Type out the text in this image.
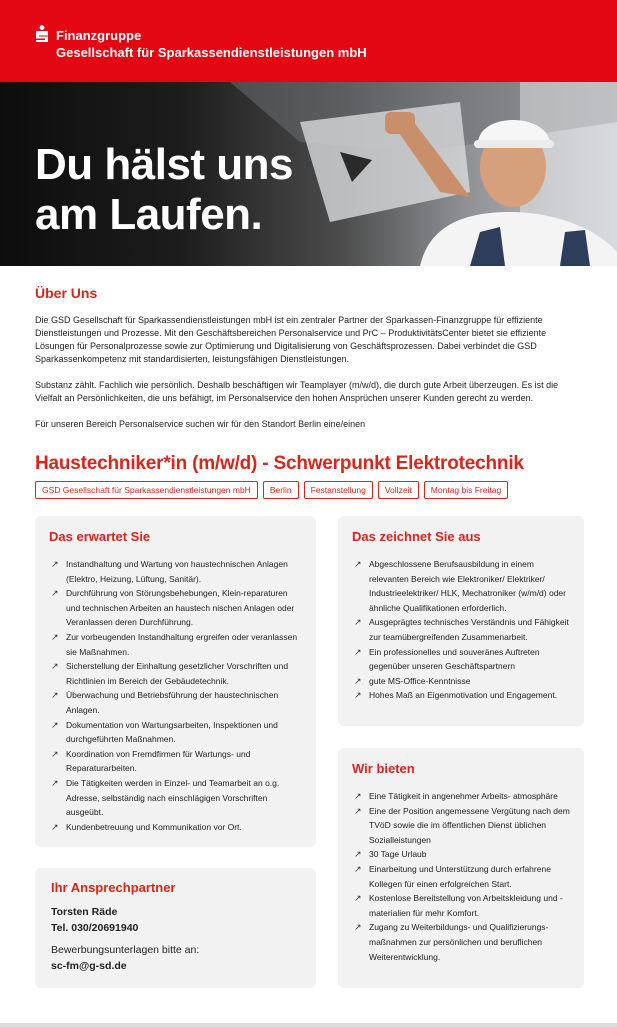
Finanzgruppe
Gesellschaft für Sparkassendienstleistungen mbH
Du hälst uns
am Laufen.
Über Uns

Die GSD Gesellschaft für Sparkassendienstleistungen mbH ist ein zentraler Partner der Sparkassen-Finanzgruppe für effiziente Dienstleistungen und Prozesse. Mit den Geschäftsbereichen Personalservice und PrC – ProduktivitätsCenter bietet sie effiziente Lösungen für Personalprozesse sowie zur Optimierung und Digitalisierung von Geschäftsprozessen. Dabei verbindet die GSD Sparkassenkompetenz mit standardisierten, leistungsfähigen Dienstleistungen.

Substanz zählt. Fachlich wie persönlich. Deshalb beschäftigen wir Teamplayer (m/w/d), die durch gute Arbeit überzeugen. Es ist die Vielfalt an Persönlichkeiten, die uns befähigt, im Personalservice den hohen Ansprüchen unserer Kunden gerecht zu werden.

Für unseren Bereich Personalservice suchen wir für den Standort Berlin eine/einen

Haustechniker*in (m/w/d) - Schwerpunkt Elektrotechnik
GSD Gesellschaft für Sparkassendienstleistungen mbH	Berlin	Festanstellung	Vollzeit	Montag bis Freitag
Das erwartet Sie
↗ Instandhaltung und Wartung von haustechnischen Anlagen (Elektro, Heizung, Lüftung, Sanitär).
↗ Durchführung von Störungsbehebungen, Klein-reparaturen und technischen Arbeiten an haustech nischen Anlagen oder Veranlassen deren Durchführung.
↗ Zur vorbeugenden Instandhaltung ergreifen oder veranlassen sie Maßnahmen.
↗ Sicherstellung der Einhaltung gesetzlicher Vorschriften und Richtlinien im Bereich der Gebäudetechnik.
↗ Überwachung und Betriebsführung der haustechnischen Anlagen.
↗ Dokumentation von Wartungsarbeiten, Inspektionen und durchgeführten Maßnahmen.
↗ Koordination von Fremdfirmen für Wartungs- und Reparaturarbeiten.
↗ Die Tätigkeiten werden in Einzel- und Teamarbeit an o.g. Adresse, selbständig nach einschlägigen Vorschriften ausgeübt.
↗ Kundenbetreuung und Kommunikation vor Ort.
Das zeichnet Sie aus
↗ Abgeschlossene Berufsausbildung in einem relevanten Bereich wie Elektroniker/ Elektriker/ Industrieelektriker/ HLK, Mechatroniker (w/m/d) oder ähnliche Qualifikationen erforderlich.
↗ Ausgeprägtes technisches Verständnis und Fähigkeit zur teamübergreifenden Zusammenarbeit.
↗ Ein professionelles und souveränes Auftreten gegenüber unseren Geschäftspartnern
↗ gute MS-Office-Kenntnisse
↗ Hohes Maß an Eigenmotivation und Engagement.
Wir bieten
↗ Eine Tätigkeit in angenehmer Arbeits- atmosphäre
↗ Eine der Position angemessene Vergütung nach dem TVöD sowie die im öffentlichen Dienst üblichen Sozialleistungen
↗ 30 Tage Urlaub
↗ Einarbeitung und Unterstützung durch erfahrene Kollegen für einen erfolgreichen Start.
↗ Kostenlose Bereitstellung von Arbeitskleidung und -materialien für mehr Komfort.
↗ Zugang zu Weiterbildungs- und Qualifizierungs-maßnahmen zur persönlichen und beruflichen Weiterentwicklung.
Ihr Ansprechpartner
Torsten Räde
Tel. 030/20691940
Bewerbungsunterlagen bitte an:
sc-fm@g-sd.de
